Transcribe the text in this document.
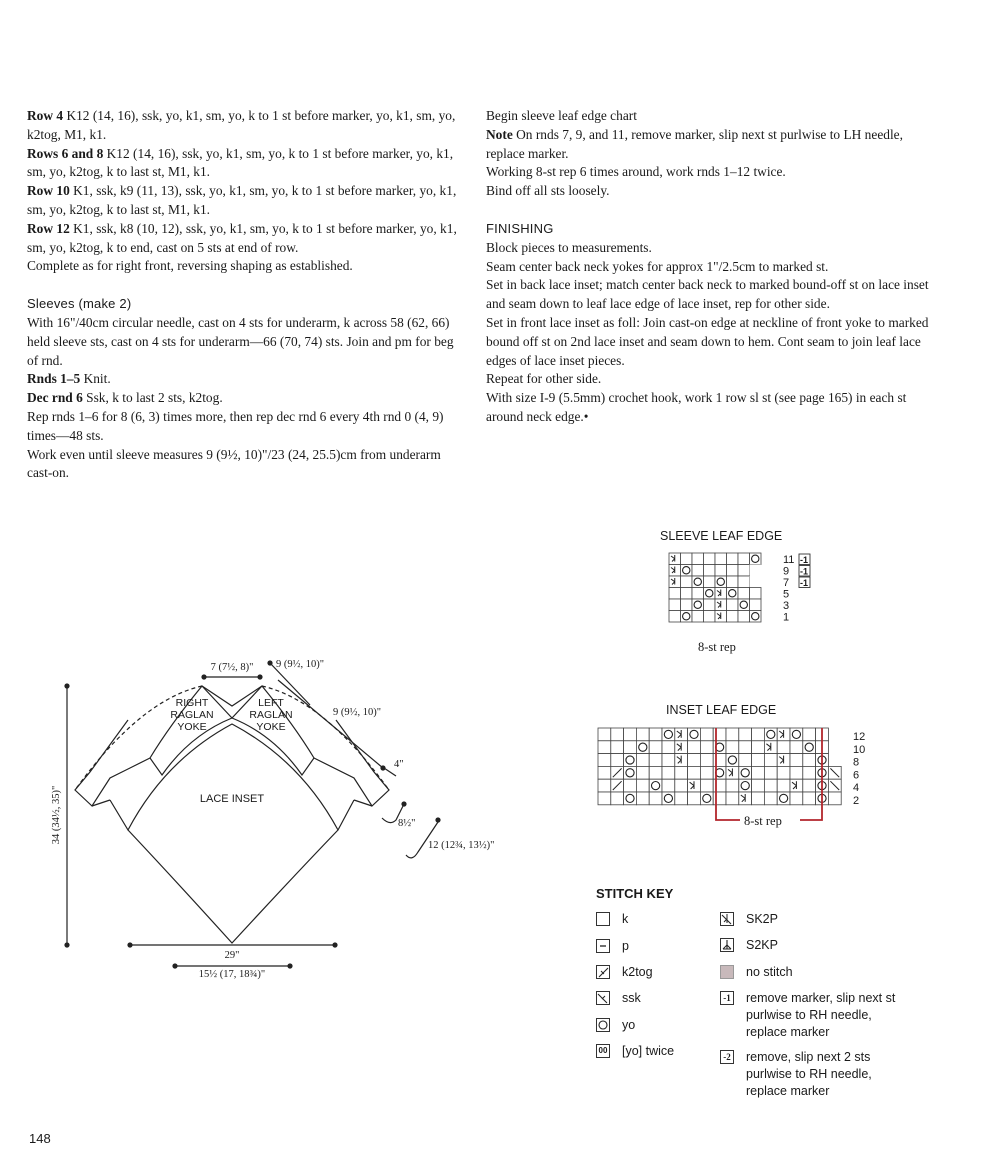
Row 4 K12 (14, 16), ssk, yo, k1, sm, yo, k to 1 st before marker, yo, k1, sm, yo, k2tog, M1, k1.

Rows 6 and 8 K12 (14, 16), ssk, yo, k1, sm, yo, k to 1 st before marker, yo, k1, sm, yo, k2tog, k to last st, M1, k1.

Row 10 K1, ssk, k9 (11, 13), ssk, yo, k1, sm, yo, k to 1 st before marker, yo, k1, sm, yo, k2tog, k to last st, M1, k1.

Row 12 K1, ssk, k8 (10, 12), ssk, yo, k1, sm, yo, k to 1 st before marker, yo, k1, sm, yo, k2tog, k to end, cast on 5 sts at end of row.

Complete as for right front, reversing shaping as established.

Sleeves (make 2)

With 16"/40cm circular needle, cast on 4 sts for underarm, k across 58 (62, 66) held sleeve sts, cast on 4 sts for underarm—66 (70, 74) sts. Join and pm for beg of rnd.

Rnds 1–5 Knit.

Dec rnd 6 Ssk, k to last 2 sts, k2tog.

Rep rnds 1–6 for 8 (6, 3) times more, then rep dec rnd 6 every 4th rnd 0 (4, 9) times—48 sts.

Work even until sleeve measures 9 (9½, 10)"/23 (24, 25.5)cm from underarm cast-on.

Begin sleeve leaf edge chart

Note On rnds 7, 9, and 11, remove marker, slip next st purlwise to LH needle, replace marker.

Working 8-st rep 6 times around, work rnds 1–12 twice.

Bind off all sts loosely.

FINISHING

Block pieces to measurements.

Seam center back neck yokes for approx 1"/2.5cm to marked st.

Set in back lace inset; match center back neck to marked bound-off st on lace inset and seam down to leaf lace edge of lace inset, rep for other side.

Set in front lace inset as foll: Join cast-on edge at neckline of front yoke to marked bound off st on 2nd lace inset and seam down to hem. Cont seam to join leaf lace edges of lace inset pieces.

Repeat for other side.

With size I-9 (5.5mm) crochet hook, work 1 row sl st (see page 165) in each st around neck edge.•

RIGHT
RAGLAN
YOKE
LEFT
RAGLAN
YOKE
LACE INSET
7 (7½, 8)" 9 (9½, 10)"
9 (9½, 10)"
4"
8½"
12 (12¾, 13½)"
34 (34½, 35)"
29"
15½ (17, 18¾)"
SLEEVE LEAF EDGE
11
9
7
5
3
1
-1
-1
-1
8-st rep
INSET LEAF EDGE
12
10
8
6
4
2
8-st rep
STITCH KEY
k
p
k2tog
ssk
yo
00 [yo] twice
SK2P
S2KP
no stitch
-1 remove marker, slip next st purlwise to RH needle, replace marker
-2 remove, slip next 2 sts purlwise to RH needle, replace marker
148
